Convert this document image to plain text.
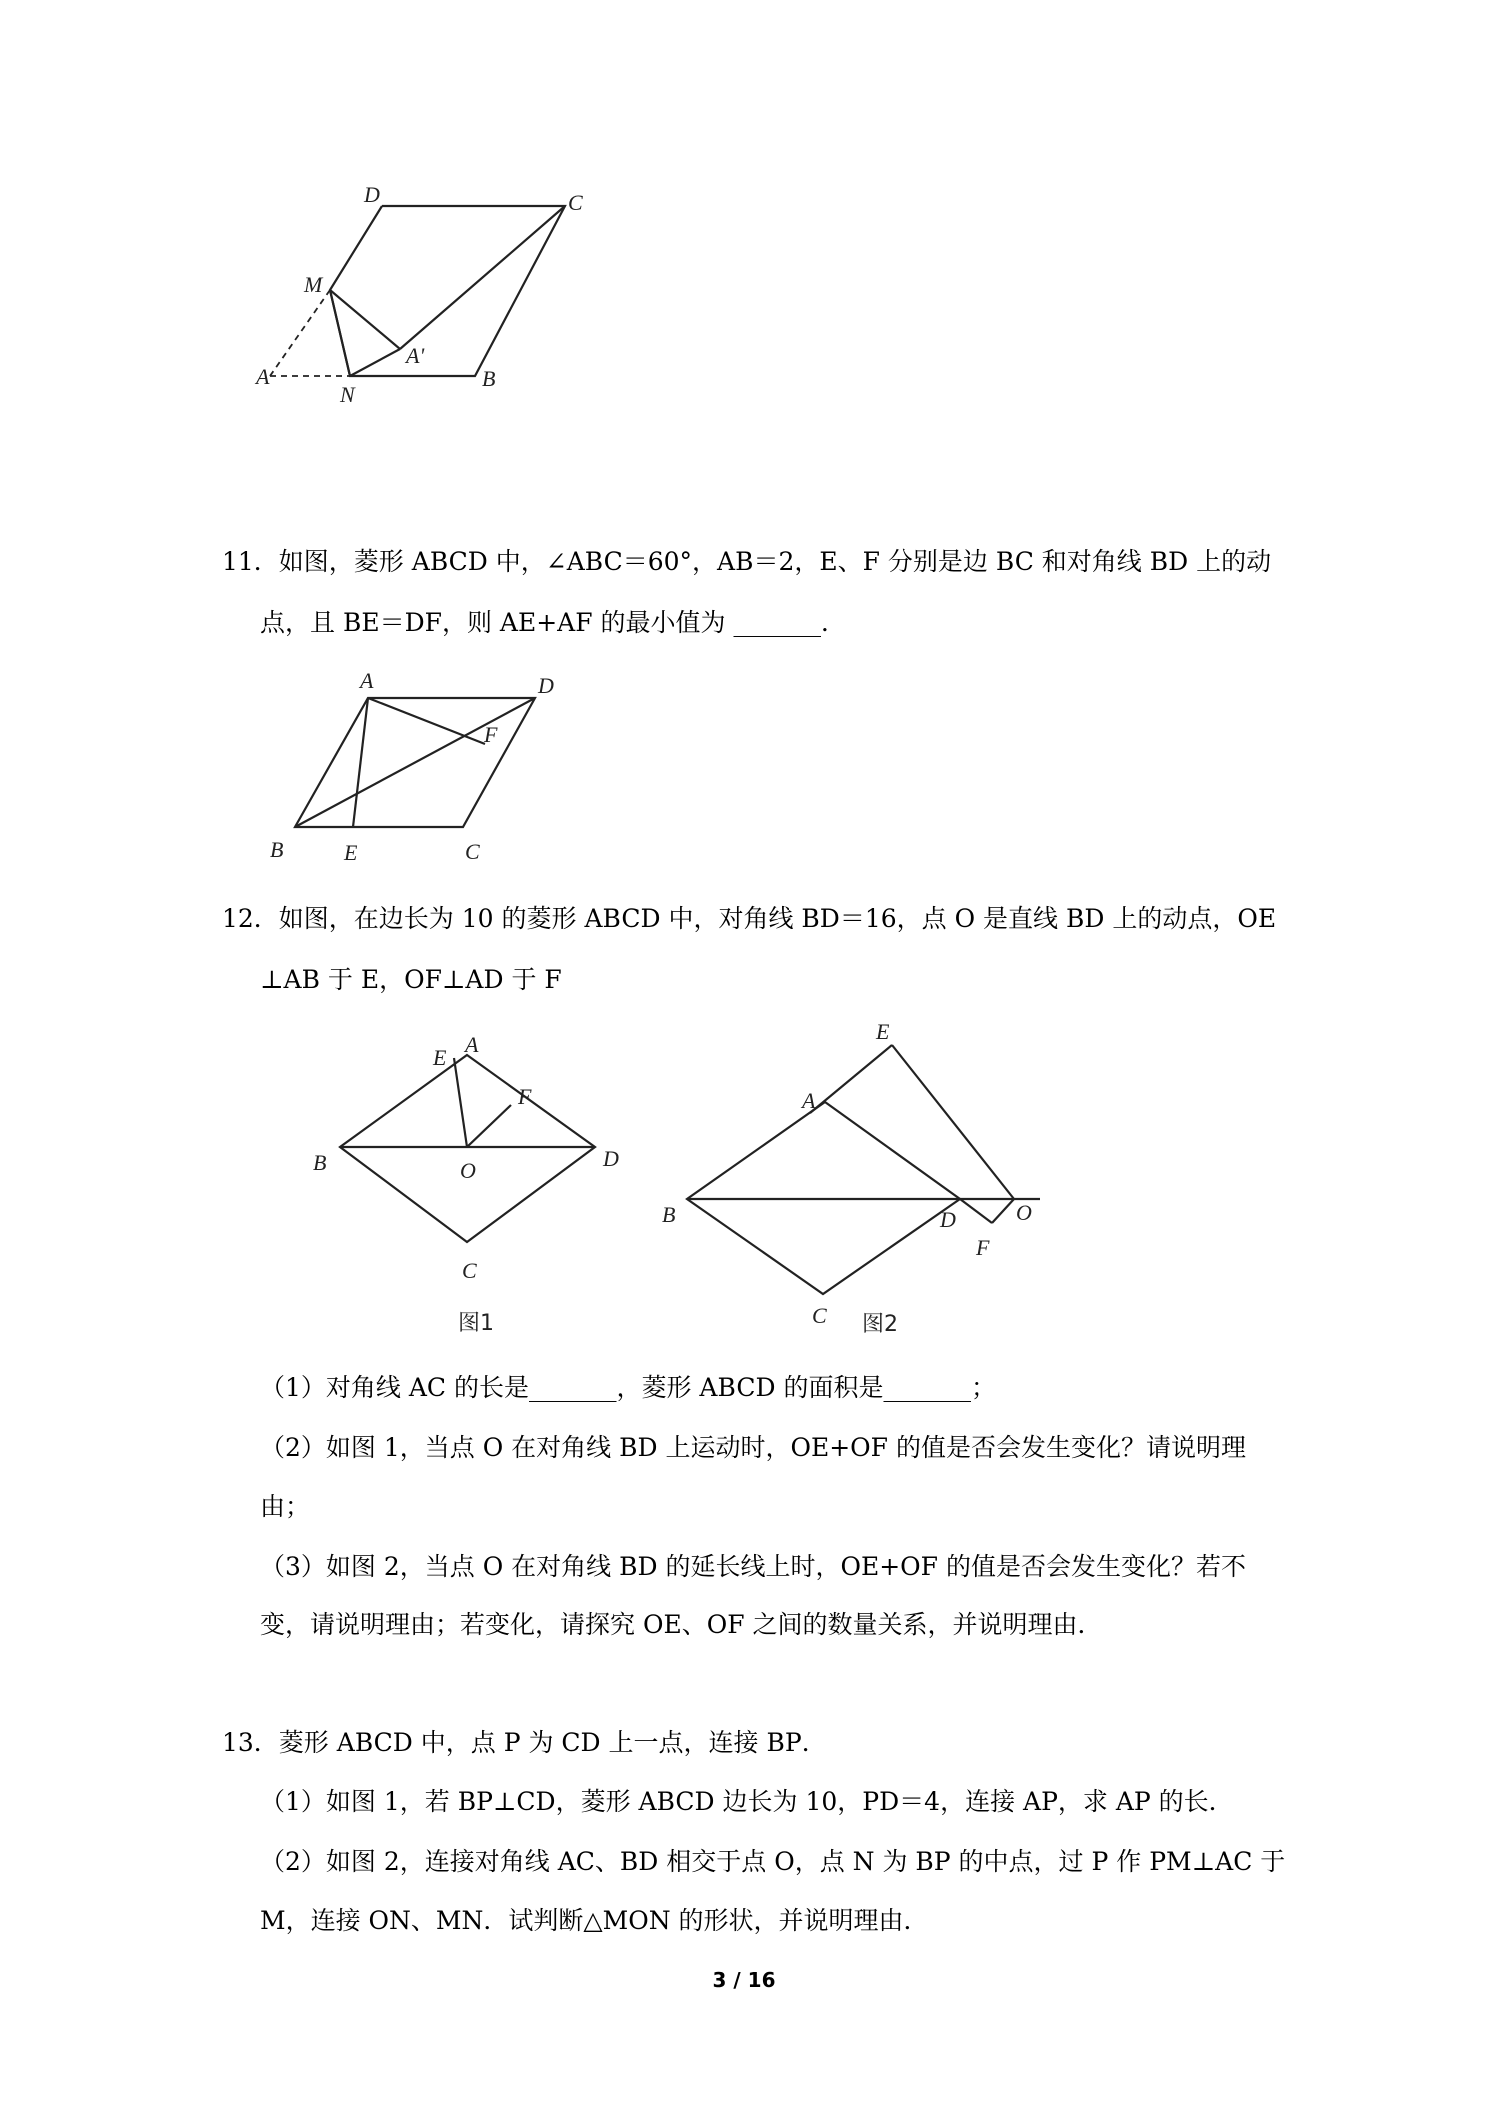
D	C
M
A'
A
N
B
11．如图，菱形 ABCD 中，∠ABC＝60°，AB＝2，E、F 分别是边 BC 和对角线 BD 上的动
点，且 BE＝DF，则 AE+AF 的最小值为 _______．
A	D
F
B	E	C
12．如图，在边长为 10 的菱形 ABCD 中，对角线 BD＝16，点 O 是直线 BD 上的动点，OE
⊥AB 于 E，OF⊥AD 于 F
E
A
F
B	O	D
C
图1
E
A
B	D	O
F
C 图2
（1）对角线 AC 的长是_______，菱形 ABCD 的面积是_______；
（2）如图 1，当点 O 在对角线 BD 上运动时，OE+OF 的值是否会发生变化？请说明理
由；
（3）如图 2，当点 O 在对角线 BD 的延长线上时，OE+OF 的值是否会发生变化？若不
变，请说明理由；若变化，请探究 OE、OF 之间的数量关系，并说明理由．
13．菱形 ABCD 中，点 P 为 CD 上一点，连接 BP．
（1）如图 1，若 BP⊥CD，菱形 ABCD 边长为 10，PD＝4，连接 AP，求 AP 的长．
（2）如图 2，连接对角线 AC、BD 相交于点 O，点 N 为 BP 的中点，过 P 作 PM⊥AC 于
M，连接 ON、MN．试判断△MON 的形状，并说明理由．
3 / 16
